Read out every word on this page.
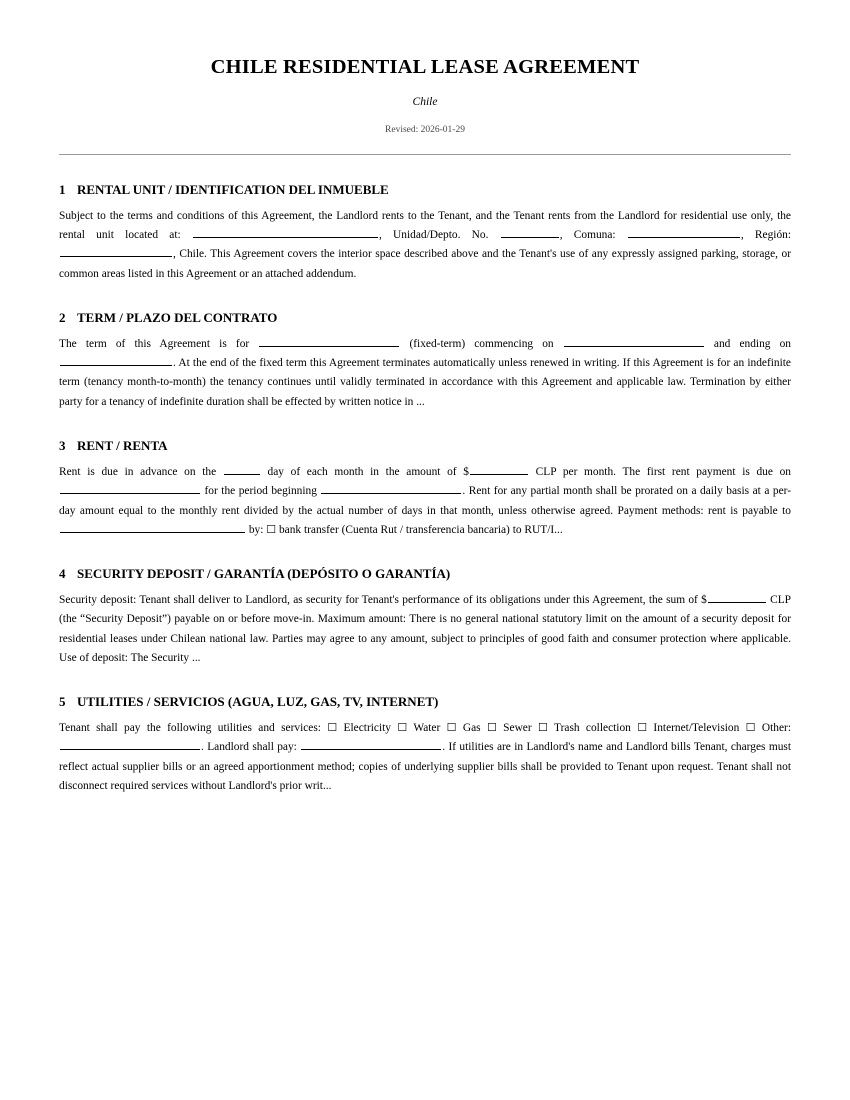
CHILE RESIDENTIAL LEASE AGREEMENT
Chile
Revised: 2026-01-29
1 RENTAL UNIT / IDENTIFICATION DEL INMUEBLE

Subject to the terms and conditions of this Agreement, the Landlord rents to the Tenant, and the Tenant rents from the Landlord for residential use only, the rental unit located at:	, Unidad/Depto. No.	, Comuna:	, Región: , Chile. This Agreement covers the interior space described above and the Tenant's use of any expressly assigned parking, storage, or common areas listed in this Agreement or an attached addendum.

2 TERM / PLAZO DEL CONTRATO

The term of this Agreement is for	(fixed-term) commencing on	and ending on . At the end of the fixed term this Agreement terminates automatically unless renewed in writing. If this Agreement is for an indefinite term (tenancy month-to-month) the tenancy continues until validly terminated in accordance with this Agreement and applicable law. Termination by either party for a tenancy of indefinite duration shall be effected by written notice in ...

3 RENT / RENTA

Rent is due in advance on the	day of each month in the amount of $	CLP per month. The first rent payment is due on  for the period beginning	. Rent for any partial month shall be prorated on a daily basis at a per-day amount equal to the monthly rent divided by the actual number of days in that month, unless otherwise agreed. Payment methods: rent is payable to  by: ☐ bank transfer (Cuenta Rut / transferencia bancaria) to RUT/I...

4 SECURITY DEPOSIT / GARANTÍA (DEPÓSITO O GARANTÍA)

Security deposit: Tenant shall deliver to Landlord, as security for Tenant's performance of its obligations under this Agreement, the sum of $	CLP (the “Security Deposit”) payable on or before move-in. Maximum amount: There is no general national statutory limit on the amount of a security deposit for residential leases under Chilean national law. Parties may agree to any amount, subject to principles of good faith and consumer protection where applicable. Use of deposit: The Security ...

5 UTILITIES / SERVICIOS (AGUA, LUZ, GAS, TV, INTERNET)

Tenant shall pay the following utilities and services: ☐ Electricity ☐ Water ☐ Gas ☐ Sewer ☐ Trash collection ☐ Internet/Television ☐ Other: . Landlord shall pay:	. If utilities are in Landlord's name and Landlord bills Tenant, charges must reflect actual supplier bills or an agreed apportionment method; copies of underlying supplier bills shall be provided to Tenant upon request. Tenant shall not disconnect required services without Landlord's prior writ...
